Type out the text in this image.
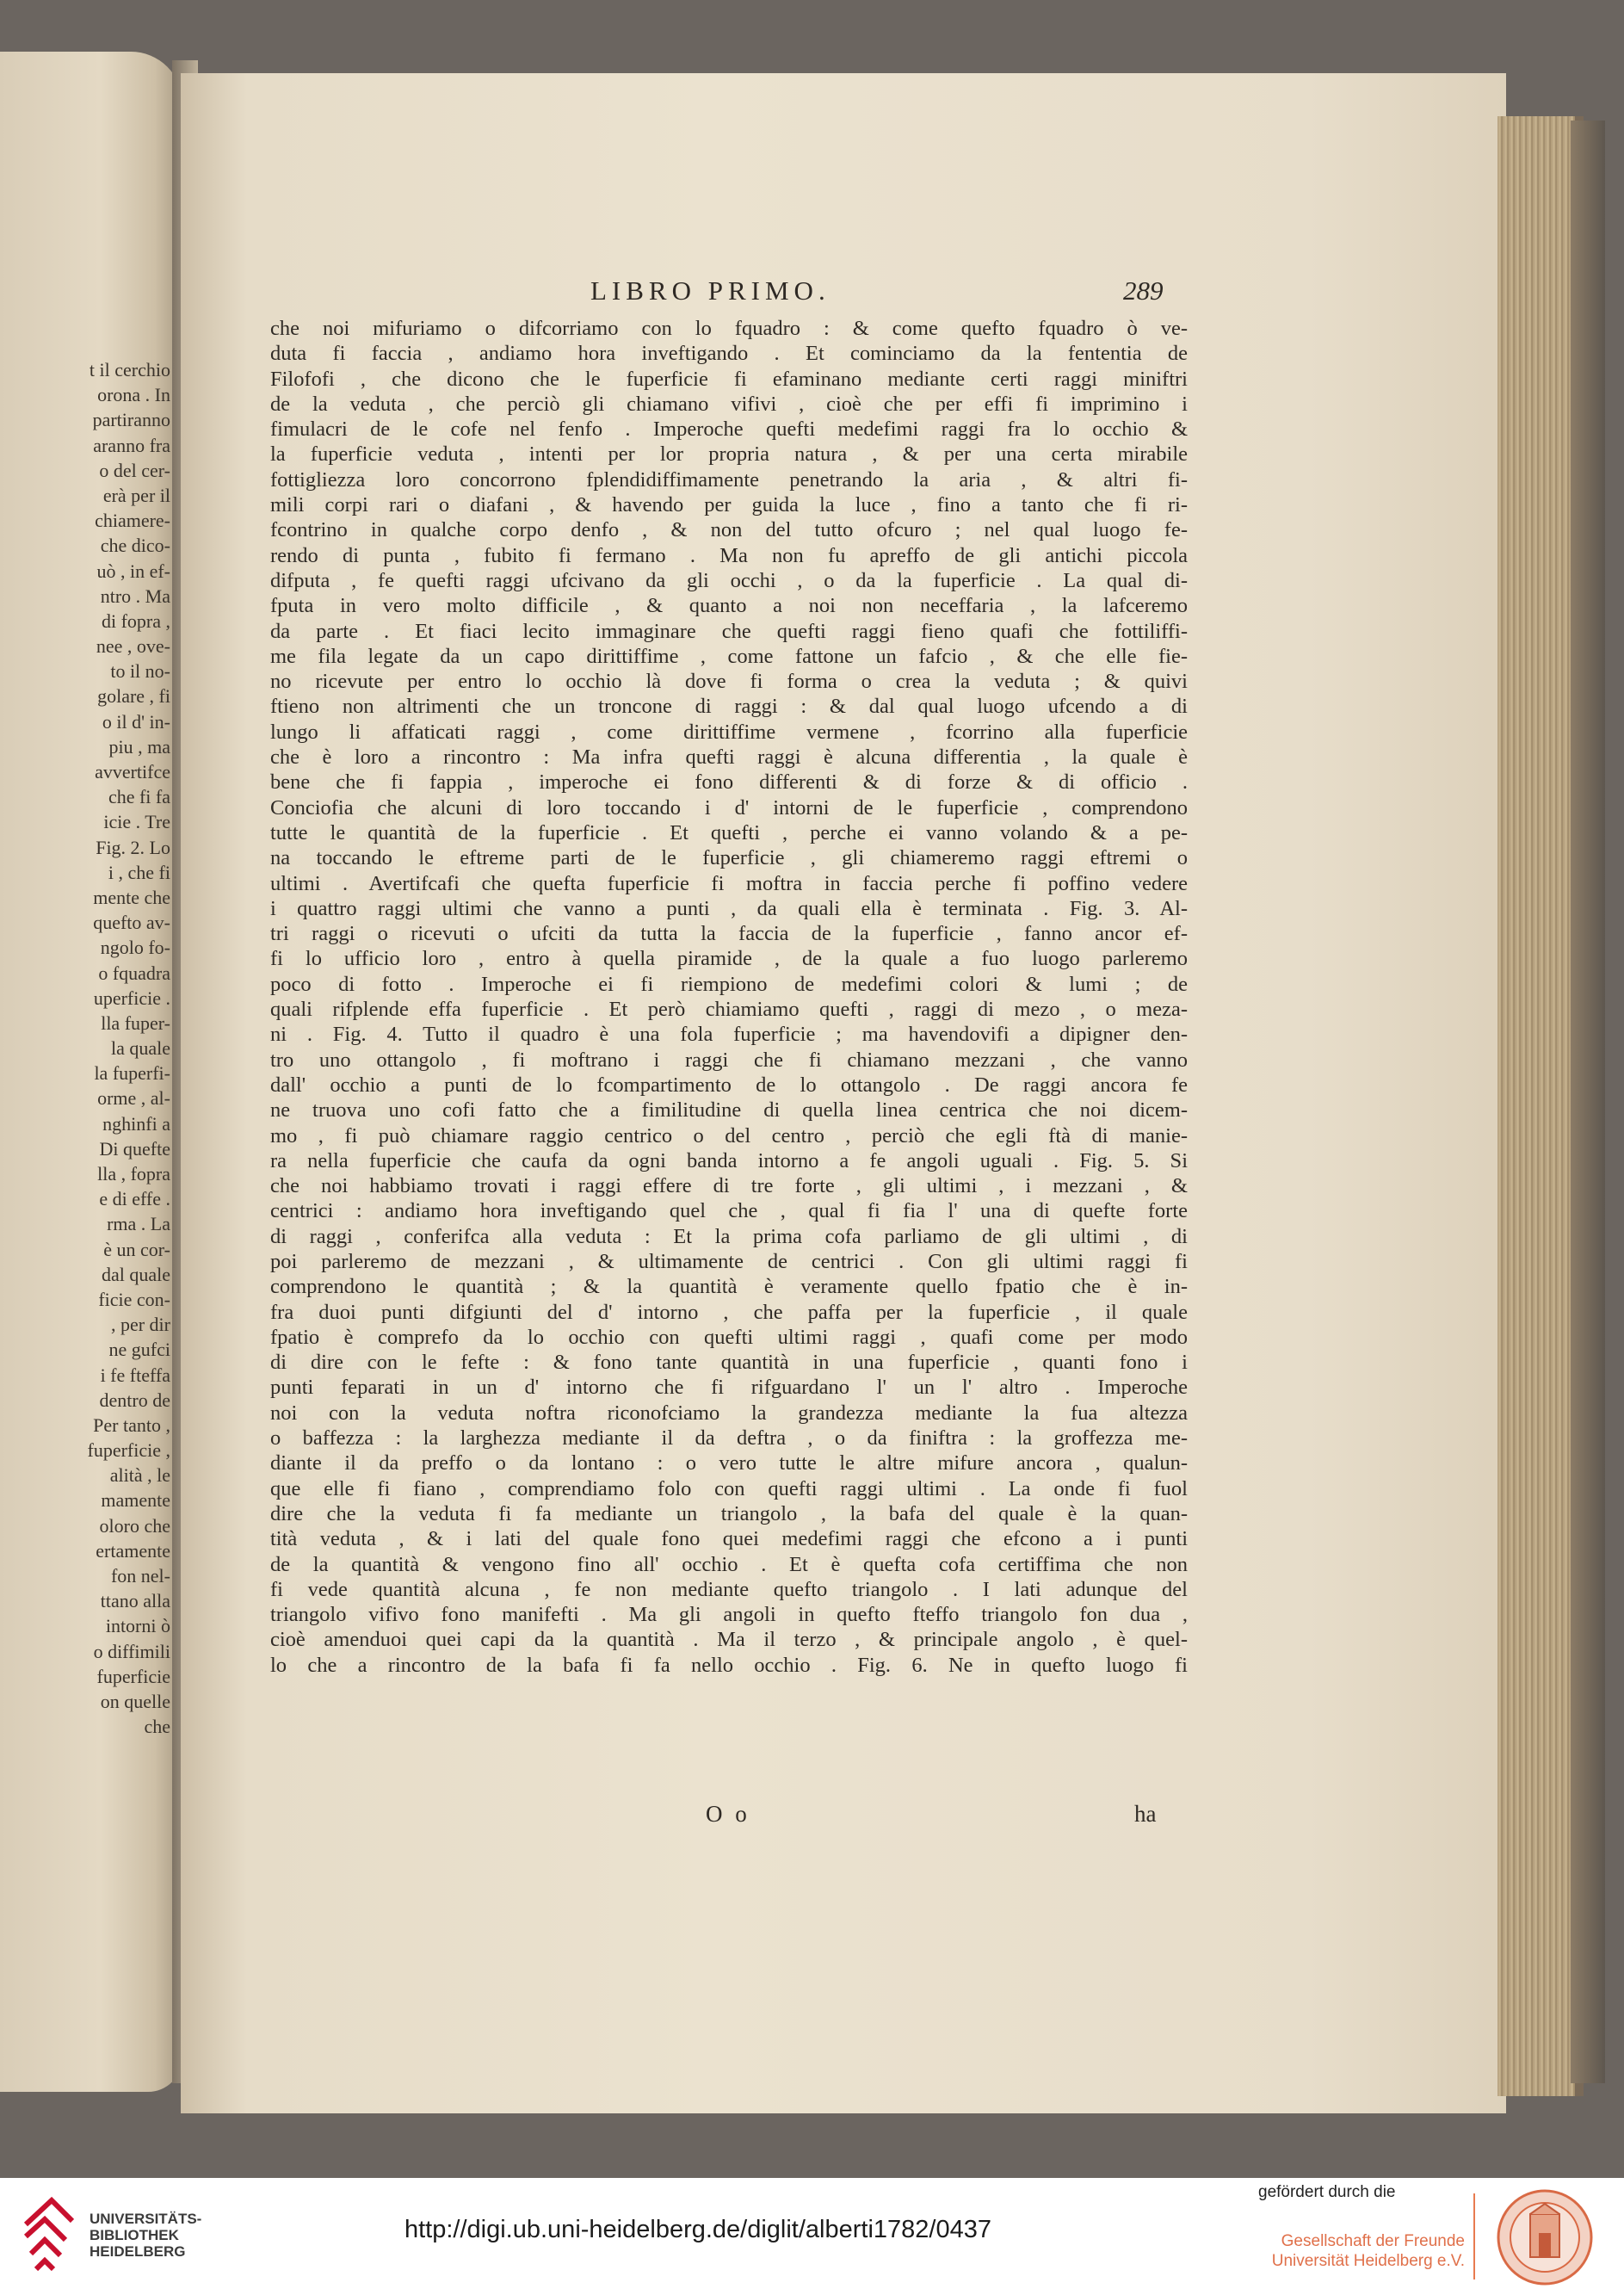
t il cerchio
orona . In
partiranno
aranno fra
o del cer-
erà per il
chiamere-
che dico-
uò , in ef-
ntro . Ma
di fopra ,
nee , ove-
to il no-
golare , fi
o il d' in-
piu , ma
avvertifce
che fi fa
icie . Tre
Fig. 2. Lo
i , che fi
mente che
quefto av-
ngolo fo-
o fquadra
uperficie .
lla fuper-
la quale
la fuperfi-
orme , al-
nghinfi a
Di quefte
lla , fopra
e di effe .
rma . La
è un cor-
dal quale
ficie con-
, per dir
ne gufci
i fe fteffa
dentro de
Per tanto ,
fuperficie ,
alità , le
mamente
oloro che
ertamente
fon nel-
ttano alla
intorni ò
o diffimili
fuperficie
on quelle
che
LIBRO PRIMO.	289
che noi mifuriamo o difcorriamo con lo fquadro : & come quefto fquadro ò ve-
duta fi faccia , andiamo hora inveftigando . Et cominciamo da la fententia de
Filofofi , che dicono che le fuperficie fi efaminano mediante certi raggi miniftri
de la veduta , che perciò gli chiamano vifivi , cioè che per effi fi imprimino i
fimulacri de le cofe nel fenfo . Imperoche quefti medefimi raggi fra lo occhio &
la fuperficie veduta , intenti per lor propria natura , & per una certa mirabile
fottigliezza loro concorrono fplendidiffimamente penetrando la aria , & altri fi-
mili corpi rari o diafani , & havendo per guida la luce , fino a tanto che fi ri-
fcontrino in qualche corpo denfo , & non del tutto ofcuro ; nel qual luogo fe-
rendo di punta , fubito fi fermano . Ma non fu apreffo de gli antichi piccola
difputa , fe quefti raggi ufcivano da gli occhi , o da la fuperficie . La qual di-
fputa in vero molto difficile , & quanto a noi non neceffaria , la lafceremo
da parte . Et fiaci lecito immaginare che quefti raggi fieno quafi che fottiliffi-
me fila legate da un capo dirittiffime , come fattone un fafcio , & che elle fie-
no ricevute per entro lo occhio là dove fi forma o crea la veduta ; & quivi
ftieno non altrimenti che un troncone di raggi : & dal qual luogo ufcendo a di
lungo li affaticati raggi , come dirittiffime vermene , fcorrino alla fuperficie
che è loro a rincontro : Ma infra quefti raggi è alcuna differentia , la quale è
bene che fi fappia , imperoche ei fono differenti & di forze & di officio .
Conciofia che alcuni di loro toccando i d' intorni de le fuperficie , comprendono
tutte le quantità de la fuperficie . Et quefti , perche ei vanno volando & a pe-
na toccando le eftreme parti de le fuperficie , gli chiameremo raggi eftremi o
ultimi . Avertifcafi che quefta fuperficie fi moftra in faccia perche fi poffino vedere
i quattro raggi ultimi che vanno a punti , da quali ella è terminata . Fig. 3. Al-
tri raggi o ricevuti o ufciti da tutta la faccia de la fuperficie , fanno ancor ef-
fi lo ufficio loro , entro à quella piramide , de la quale a fuo luogo parleremo
poco di fotto . Imperoche ei fi riempiono de medefimi colori & lumi ; de
quali rifplende effa fuperficie . Et però chiamiamo quefti , raggi di mezo , o meza-
ni . Fig. 4. Tutto il quadro è una fola fuperficie ; ma havendovifi a dipigner den-
tro uno ottangolo , fi moftrano i raggi che fi chiamano mezzani , che vanno
dall' occhio a punti de lo fcompartimento de lo ottangolo . De raggi ancora fe
ne truova uno cofi fatto che a fimilitudine di quella linea centrica che noi dicem-
mo , fi può chiamare raggio centrico o del centro , perciò che egli ftà di manie-
ra nella fuperficie che caufa da ogni banda intorno a fe angoli uguali . Fig. 5. Si
che noi habbiamo trovati i raggi effere di tre forte , gli ultimi , i mezzani , &
centrici : andiamo hora inveftigando quel che , qual fi fia l' una di quefte forte
di raggi , conferifca alla veduta : Et la prima cofa parliamo de gli ultimi , di
poi parleremo de mezzani , & ultimamente de centrici . Con gli ultimi raggi fi
comprendono le quantità ; & la quantità è veramente quello fpatio che è in-
fra duoi punti difgiunti del d' intorno , che paffa per la fuperficie , il quale
fpatio è comprefo da lo occhio con quefti ultimi raggi , quafi come per modo
di dire con le fefte : & fono tante quantità in una fuperficie , quanti fono i
punti feparati in un d' intorno che fi rifguardano l' un l' altro . Imperoche
noi con la veduta noftra riconofciamo la grandezza mediante la fua altezza
o baffezza : la larghezza mediante il da deftra , o da finiftra : la groffezza me-
diante il da preffo o da lontano : o vero tutte le altre mifure ancora , qualun-
que elle fi fiano , comprendiamo folo con quefti raggi ultimi . La onde fi fuol
dire che la veduta fi fa mediante un triangolo , la bafa del quale è la quan-
tità veduta , & i lati del quale fono quei medefimi raggi che efcono a i punti
de la quantità & vengono fino all' occhio . Et è quefta cofa certiffima che non
fi vede quantità alcuna , fe non mediante quefto triangolo . I lati adunque del
triangolo vifivo fono manifefti . Ma gli angoli in quefto fteffo triangolo fon dua ,
cioè amenduoi quei capi da la quantità . Ma il terzo , & principale angolo , è quel-
lo che a rincontro de la bafa fi fa nello occhio . Fig. 6. Ne in quefto luogo fi
O o	ha
UNIVERSITÄTS-
BIBLIOTHEK
HEIDELBERG
http://digi.ub.uni-heidelberg.de/diglit/alberti1782/0437
gefördert durch die
Gesellschaft der Freunde
Universität Heidelberg e.V.
